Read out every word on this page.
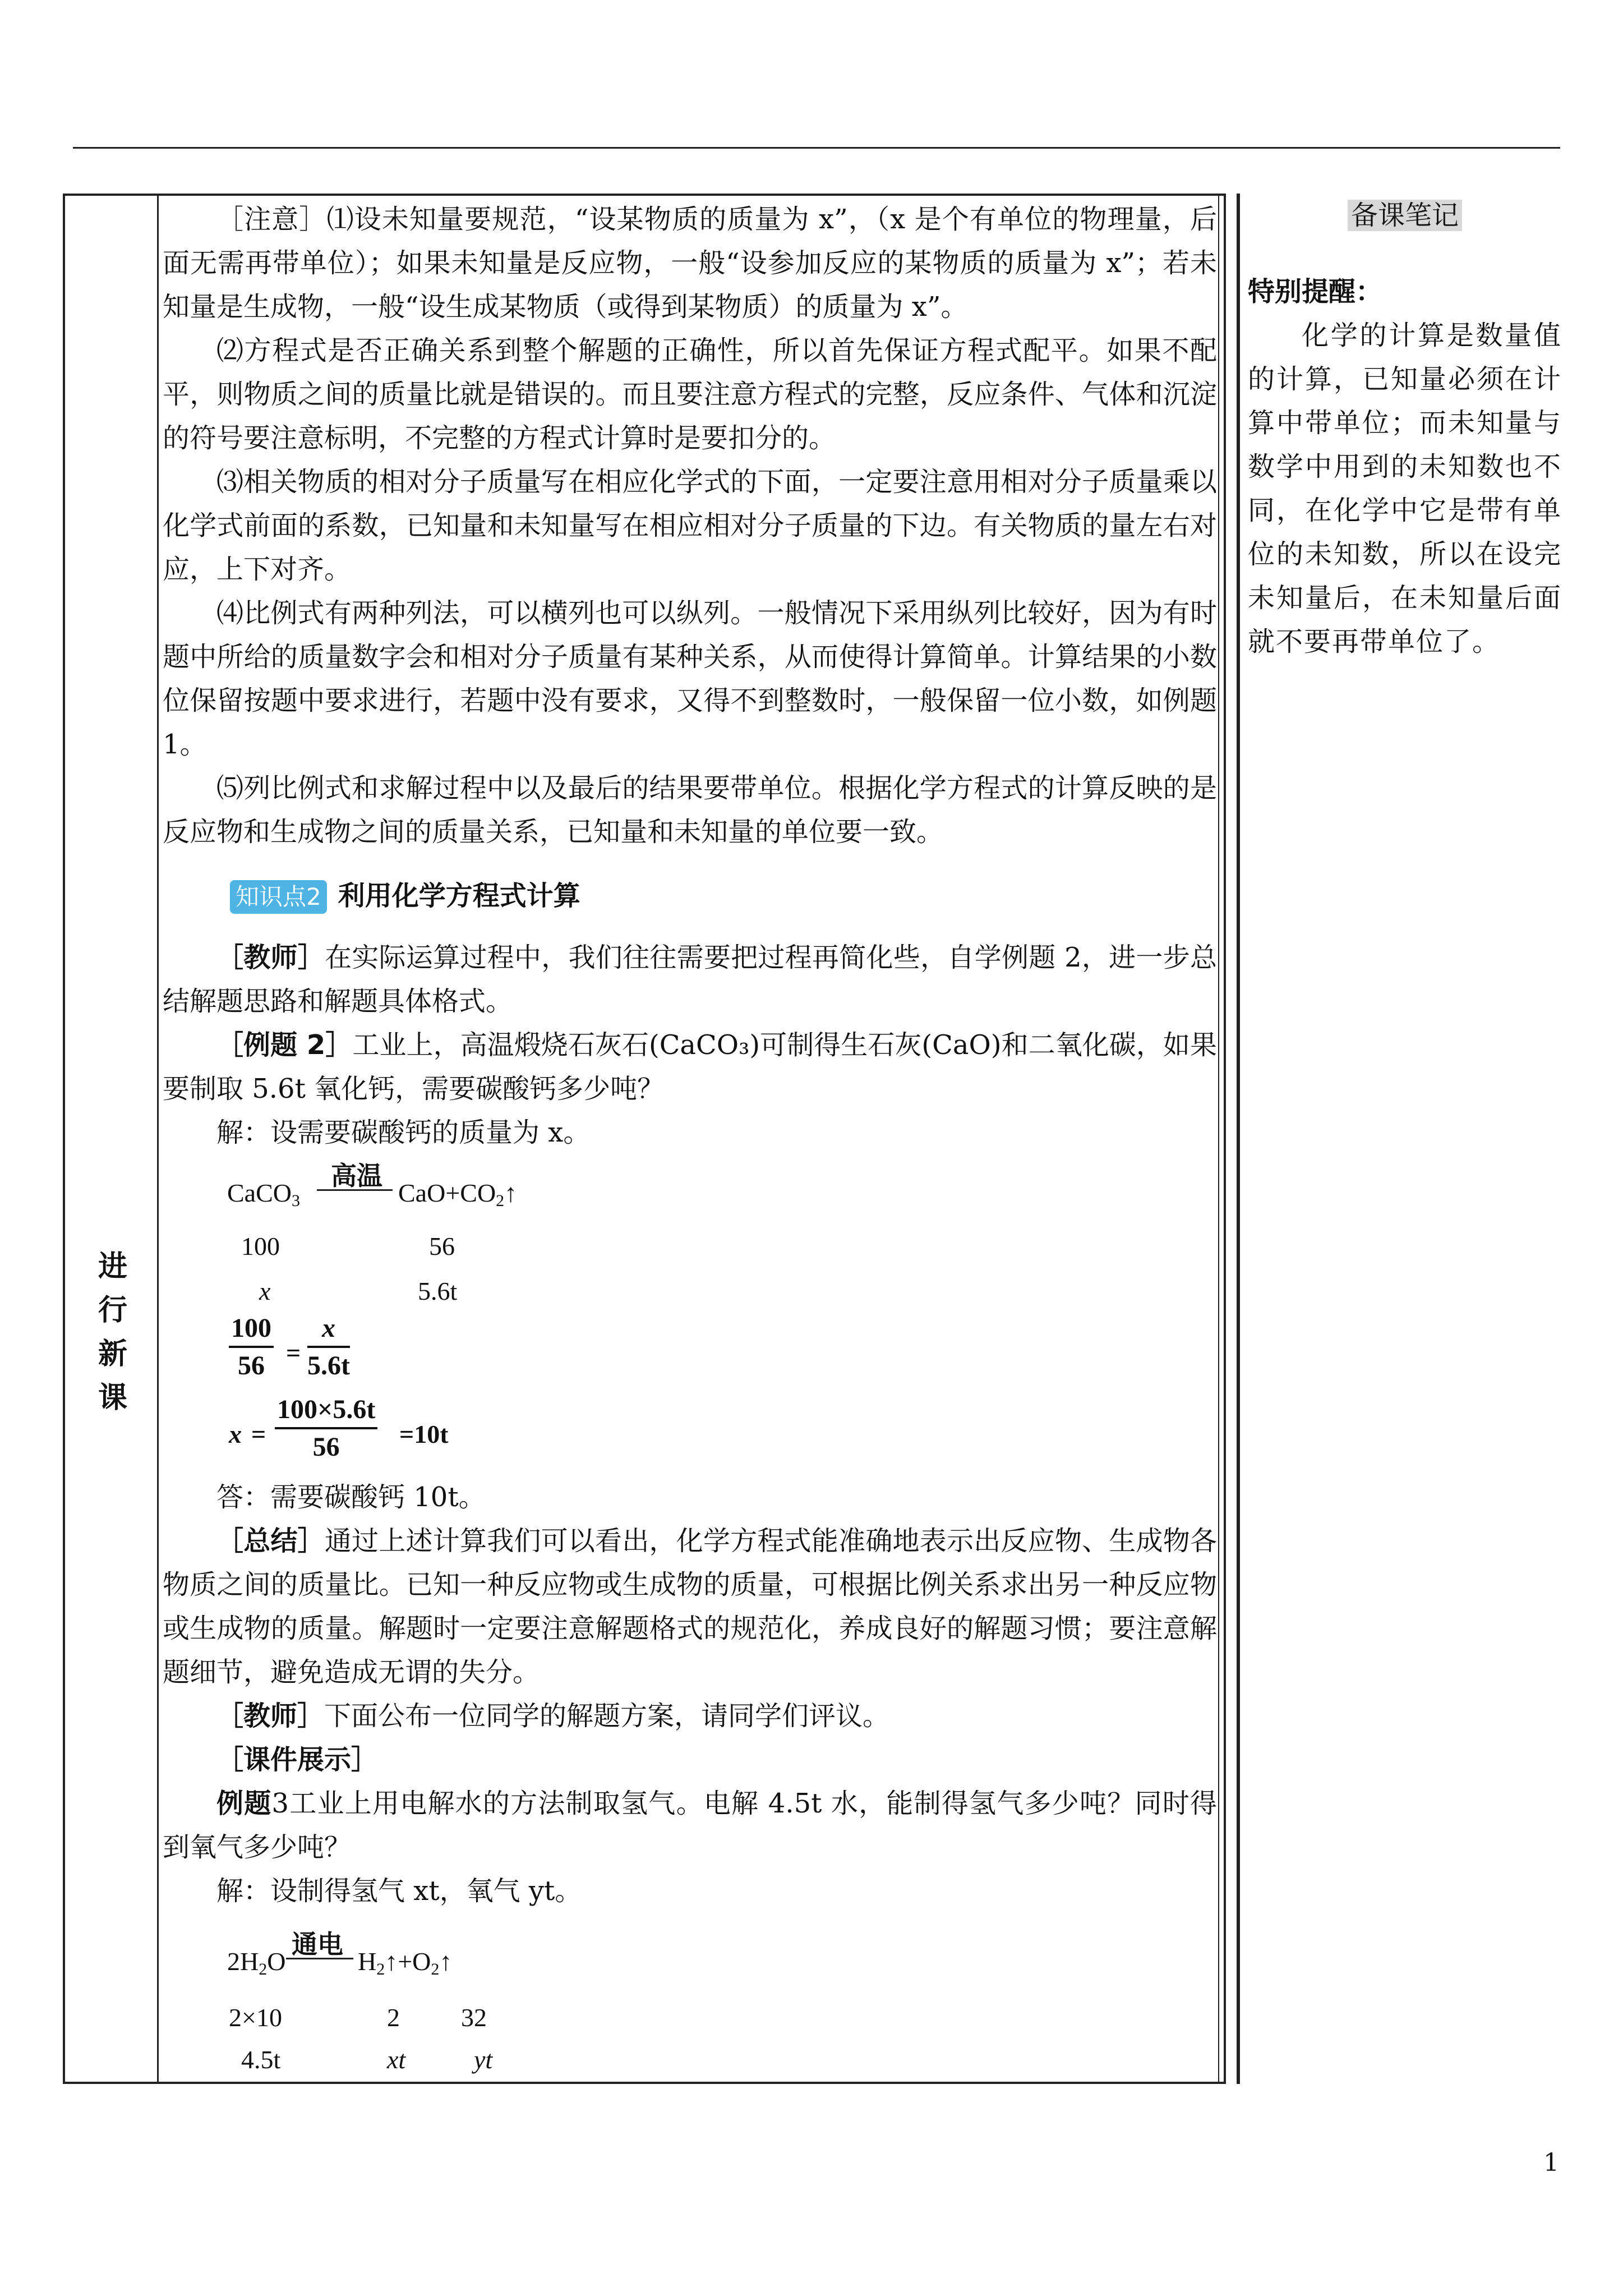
进
行
新
课

［注意］⑴设未知量要规范，“设某物质的质量为 x”，（x 是个有单位的物理量，后面无需再带单位）；如果未知量是反应物，一般“设参加反应的某物质的质量为 x”；若未知量是生成物，一般“设生成某物质（或得到某物质）的质量为 x”。

⑵方程式是否正确关系到整个解题的正确性，所以首先保证方程式配平。如果不配平，则物质之间的质量比就是错误的。而且要注意方程式的完整，反应条件、气体和沉淀的符号要注意标明，不完整的方程式计算时是要扣分的。

⑶相关物质的相对分子质量写在相应化学式的下面，一定要注意用相对分子质量乘以化学式前面的系数，已知量和未知量写在相应相对分子质量的下边。有关物质的量左右对应，上下对齐。

⑷比例式有两种列法，可以横列也可以纵列。一般情况下采用纵列比较好，因为有时题中所给的质量数字会和相对分子质量有某种关系，从而使得计算简单。计算结果的小数位保留按题中要求进行，若题中没有要求，又得不到整数时，一般保留一位小数，如例题 1。

⑸列比例式和求解过程中以及最后的结果要带单位。根据化学方程式的计算反映的是反应物和生成物之间的质量关系，已知量和未知量的单位要一致。

知识点2 利用化学方程式计算

［教师］在实际运算过程中，我们往往需要把过程再简化些，自学例题 2，进一步总结解题思路和解题具体格式。

［例题 2］工业上，高温煅烧石灰石(CaCO₃)可制得生石灰(CaO)和二氧化碳，如果要制取 5.6t 氧化钙，需要碳酸钙多少吨？

解：设需要碳酸钙的质量为 x。

CaCO$_3$
高温
$CaO+CO_2↑$
100	56
x	5.6t
100
56 =
x
5.6t
x =
100×5.6t
56	=10t

答：需要碳酸钙 10t。

［总结］通过上述计算我们可以看出，化学方程式能准确地表示出反应物、生成物各物质之间的质量比。已知一种反应物或生成物的质量，可根据比例关系求出另一种反应物或生成物的质量。解题时一定要注意解题格式的规范化，养成良好的解题习惯；要注意解题细节，避免造成无谓的失分。

［教师］下面公布一位同学的解题方案，请同学们评议。

［课件展示］

例题3工业上用电解水的方法制取氢气。电解 4.5t 水，能制得氢气多少吨？同时得到氧气多少吨？

解：设制得氢气 xt，氧气 yt。

$2H_2O$
通电
$H_2↑+O_2↑$
2×10	2 32
4.5t	xt	yt
备课笔记
特别提醒：

化学的计算是数量值的计算，已知量必须在计算中带单位；而未知量与数学中用到的未知数也不同，在化学中它是带有单位的未知数，所以在设完未知量后，在未知量后面就不要再带单位了。

1
